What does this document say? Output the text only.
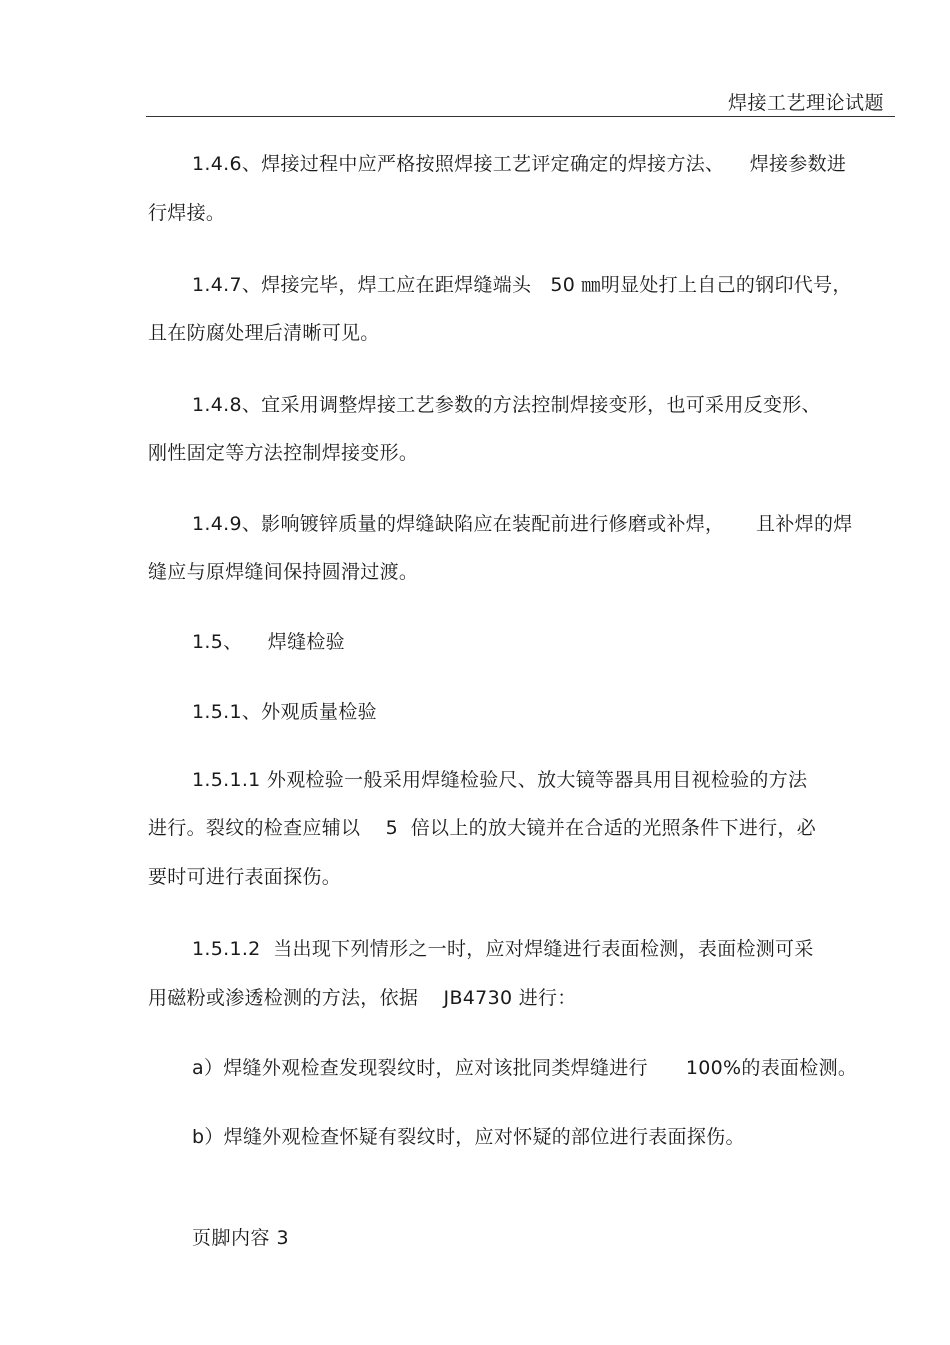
焊接工艺理论试题
1.4.6、焊接过程中应严格按照焊接工艺评定确定的焊接方法、    焊接参数进
行焊接。
1.4.7、焊接完毕，焊工应在距焊缝端头   50 ㎜明显处打上自己的钢印代号，
且在防腐处理后清晰可见。
1.4.8、宜采用调整焊接工艺参数的方法控制焊接变形，也可采用反变形、
刚性固定等方法控制焊接变形。
1.4.9、影响镀锌质量的焊缝缺陷应在装配前进行修磨或补焊，     且补焊的焊
缝应与原焊缝间保持圆滑过渡。
1.5、    焊缝检验
1.5.1、外观质量检验
1.5.1.1 外观检验一般采用焊缝检验尺、放大镜等器具用目视检验的方法
进行。裂纹的检查应辅以    5  倍以上的放大镜并在合适的光照条件下进行，必
要时可进行表面探伤。
1.5.1.2  当出现下列情形之一时，应对焊缝进行表面检测，表面检测可采
用磁粉或渗透检测的方法，依据    JB4730 进行：
a）焊缝外观检查发现裂纹时，应对该批同类焊缝进行      100%的表面检测。
b）焊缝外观检查怀疑有裂纹时，应对怀疑的部位进行表面探伤。
页脚内容 3
